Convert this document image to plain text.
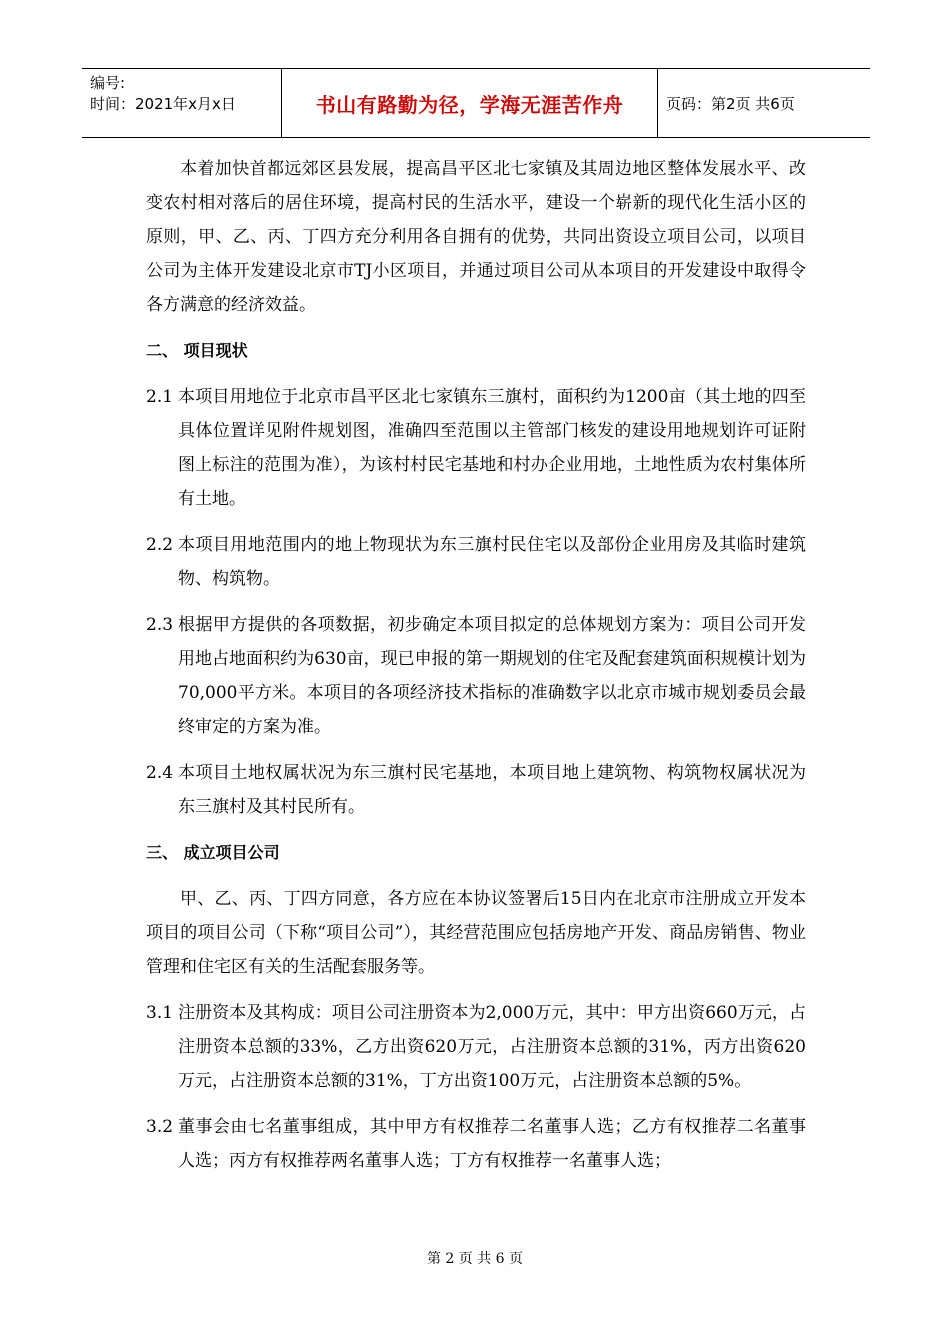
编号:
时间：2021年x月x日	书山有路勤为径，学海无涯苦作舟	页码：第2页 共6页

本着加快首都远郊区县发展，提高昌平区北七家镇及其周边地区整体发展水平、改变农村相对落后的居住环境，提高村民的生活水平，建设一个崭新的现代化生活小区的原则，甲、乙、丙、丁四方充分利用各自拥有的优势，共同出资设立项目公司，以项目公司为主体开发建设北京市TJ小区项目，并通过项目公司从本项目的开发建设中取得令各方满意的经济效益。

二、 项目现状
2.1 本项目用地位于北京市昌平区北七家镇东三旗村，面积约为1200亩（其土地的四至具体位置详见附件规划图，准确四至范围以主管部门核发的建设用地规划许可证附图上标注的范围为准），为该村村民宅基地和村办企业用地，土地性质为农村集体所有土地。
2.2 本项目用地范围内的地上物现状为东三旗村民住宅以及部份企业用房及其临时建筑物、构筑物。
2.3 根据甲方提供的各项数据，初步确定本项目拟定的总体规划方案为：项目公司开发用地占地面积约为630亩，现已申报的第一期规划的住宅及配套建筑面积规模计划为70,000平方米。本项目的各项经济技术指标的准确数字以北京市城市规划委员会最终审定的方案为准。
2.4 本项目土地权属状况为东三旗村民宅基地，本项目地上建筑物、构筑物权属状况为东三旗村及其村民所有。
三、 成立项目公司

甲、乙、丙、丁四方同意，各方应在本协议签署后15日内在北京市注册成立开发本项目的项目公司（下称“项目公司”），其经营范围应包括房地产开发、商品房销售、物业管理和住宅区有关的生活配套服务等。

3.1 注册资本及其构成：项目公司注册资本为2,000万元，其中：甲方出资660万元，占注册资本总额的33%，乙方出资620万元，占注册资本总额的31%，丙方出资620万元，占注册资本总额的31%，丁方出资100万元，占注册资本总额的5%。
3.2 董事会由七名董事组成，其中甲方有权推荐二名董事人选；乙方有权推荐二名董事人选；丙方有权推荐两名董事人选；丁方有权推荐一名董事人选；
第 2 页 共 6 页
